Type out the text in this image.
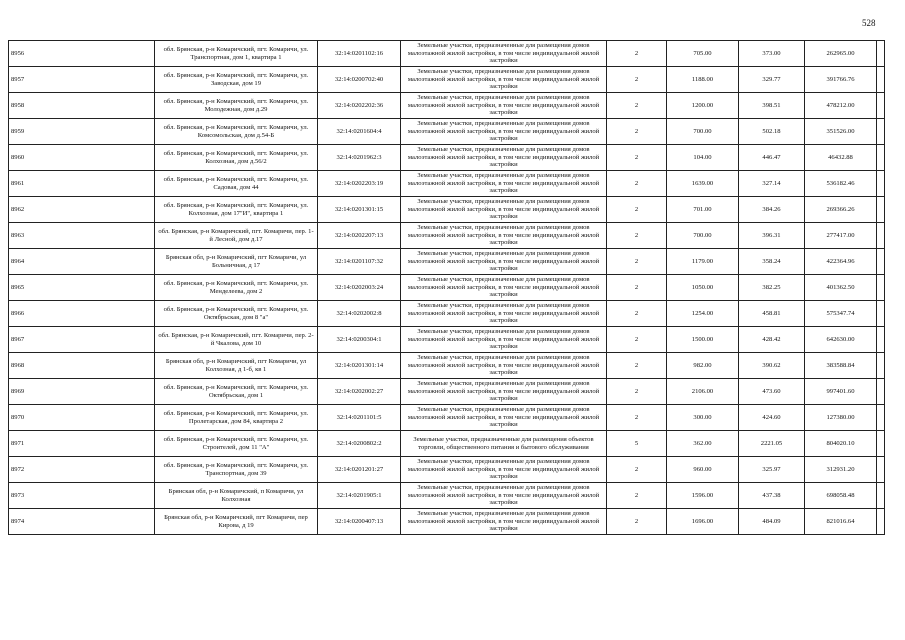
528
8956	обл. Брянская, р-н Комаричский, пгт. Комаричи, ул. Транспортная, дом 1, квартира 1	32:14:0201102:16	Земельные участки, предназначенные для размещения домов малоэтажной жилой застройки, в том числе индивидуальной жилой застройки	2	705.00	373.00	262965.00	
8957	обл. Брянская, р-н Комаричский, пгт. Комаричи, ул. Заводская, дом 19	32:14:0200702:40	Земельные участки, предназначенные для размещения домов малоэтажной жилой застройки, в том числе индивидуальной жилой застройки	2	1188.00	329.77	391766.76	
8958	обл. Брянская, р-н Комаричский, пгт. Комаричи, ул. Молодежная, дом д.29	32:14:0202202:36	Земельные участки, предназначенные для размещения домов малоэтажной жилой застройки, в том числе индивидуальной жилой застройки	2	1200.00	398.51	478212.00	
8959	обл. Брянская, р-н Комаричский, пгт. Комаричи, ул. Комсомольская, дом д.54-Б	32:14:0201604:4	Земельные участки, предназначенные для размещения домов малоэтажной жилой застройки, в том числе индивидуальной жилой застройки	2	700.00	502.18	351526.00	
8960	обл. Брянская, р-н Комаричский, пгт. Комаричи, ул. Колхозная, дом д.56/2	32:14:0201962:3	Земельные участки, предназначенные для размещения домов малоэтажной жилой застройки, в том числе индивидуальной жилой застройки	2	104.00	446.47	46432.88	
8961	обл. Брянская, р-н Комаричский, пгт. Комаричи, ул. Садовая, дом 44	32:14:0202203:19	Земельные участки, предназначенные для размещения домов малоэтажной жилой застройки, в том числе индивидуальной жилой застройки	2	1639.00	327.14	536182.46	
8962	обл. Брянская, р-н Комаричский, пгт. Комаричи, ул. Колхозная, дом 17"И", квартира 1	32:14:0201301:15	Земельные участки, предназначенные для размещения домов малоэтажной жилой застройки, в том числе индивидуальной жилой застройки	2	701.00	384.26	269366.26	
8963	обл. Брянская, р-н Комаричский, пгт. Комаричи, пер. 1-й Лесной, дом д.17	32:14:0202207:13	Земельные участки, предназначенные для размещения домов малоэтажной жилой застройки, в том числе индивидуальной жилой застройки	2	700.00	396.31	277417.00	
8964	Брянская обл, р-н Комаричский, пгт Комаричи, ул Больничная, д 17	32:14:0201107:32	Земельные участки, предназначенные для размещения домов малоэтажной жилой застройки, в том числе индивидуальной жилой застройки	2	1179.00	358.24	422364.96	
8965	обл. Брянская, р-н Комаричский, пгт. Комаричи, ул. Менделеева, дом 2	32:14:0202003:24	Земельные участки, предназначенные для размещения домов малоэтажной жилой застройки, в том числе индивидуальной жилой застройки	2	1050.00	382.25	401362.50	
8966	обл. Брянская, р-н Комаричский, пгт. Комаричи, ул. Октябрьская, дом 8 "а"	32:14:0202002:8	Земельные участки, предназначенные для размещения домов малоэтажной жилой застройки, в том числе индивидуальной жилой застройки	2	1254.00	458.81	575347.74	
8967	обл. Брянская, р-н Комаричский, пгт. Комаричи, пер. 2-й Чкалова, дом 10	32:14:0200304:1	Земельные участки, предназначенные для размещения домов малоэтажной жилой застройки, в том числе индивидуальной жилой застройки	2	1500.00	428.42	642630.00	
8968	Брянская обл, р-н Комаричский, пгт Комаричи, ул Колхозная, д 1-б, кв 1	32:14:0201301:14	Земельные участки, предназначенные для размещения домов малоэтажной жилой застройки, в том числе индивидуальной жилой застройки	2	982.00	390.62	383588.84	
8969	обл. Брянская, р-н Комаричский, пгт. Комаричи, ул. Октябрьская, дом 1	32:14:0202002:27	Земельные участки, предназначенные для размещения домов малоэтажной жилой застройки, в том числе индивидуальной жилой застройки	2	2106.00	473.60	997401.60	
8970	обл. Брянская, р-н Комаричский, пгт. Комаричи, ул. Пролетарская, дом 84, квартира 2	32:14:0201101:5	Земельные участки, предназначенные для размещения домов малоэтажной жилой застройки, в том числе индивидуальной жилой застройки	2	300.00	424.60	127380.00	
8971	обл. Брянская, р-н Комаричский, пгт. Комаричи, ул. Строителей, дом 11 "А"	32:14:0200802:2	Земельные участки, предназначенные для размещения объектов торговли, общественного питания и бытового обслуживания	5	362.00	2221.05	804020.10	
8972	обл. Брянская, р-н Комаричский, пгт. Комаричи, ул. Транспортная, дом 39	32:14:0201201:27	Земельные участки, предназначенные для размещения домов малоэтажной жилой застройки, в том числе индивидуальной жилой застройки	2	960.00	325.97	312931.20	
8973	Брянская обл, р-н Комаричский, п Комаричи, ул Колхозная	32:14:0201905:1	Земельные участки, предназначенные для размещения домов малоэтажной жилой застройки, в том числе индивидуальной жилой застройки	2	1596.00	437.38	698058.48	
8974	Брянская обл, р-н Комаричский, пгт Комаричи, пер Кирова, д 19	32:14:0200407:13	Земельные участки, предназначенные для размещения домов малоэтажной жилой застройки, в том числе индивидуальной жилой застройки	2	1696.00	484.09	821016.64	
